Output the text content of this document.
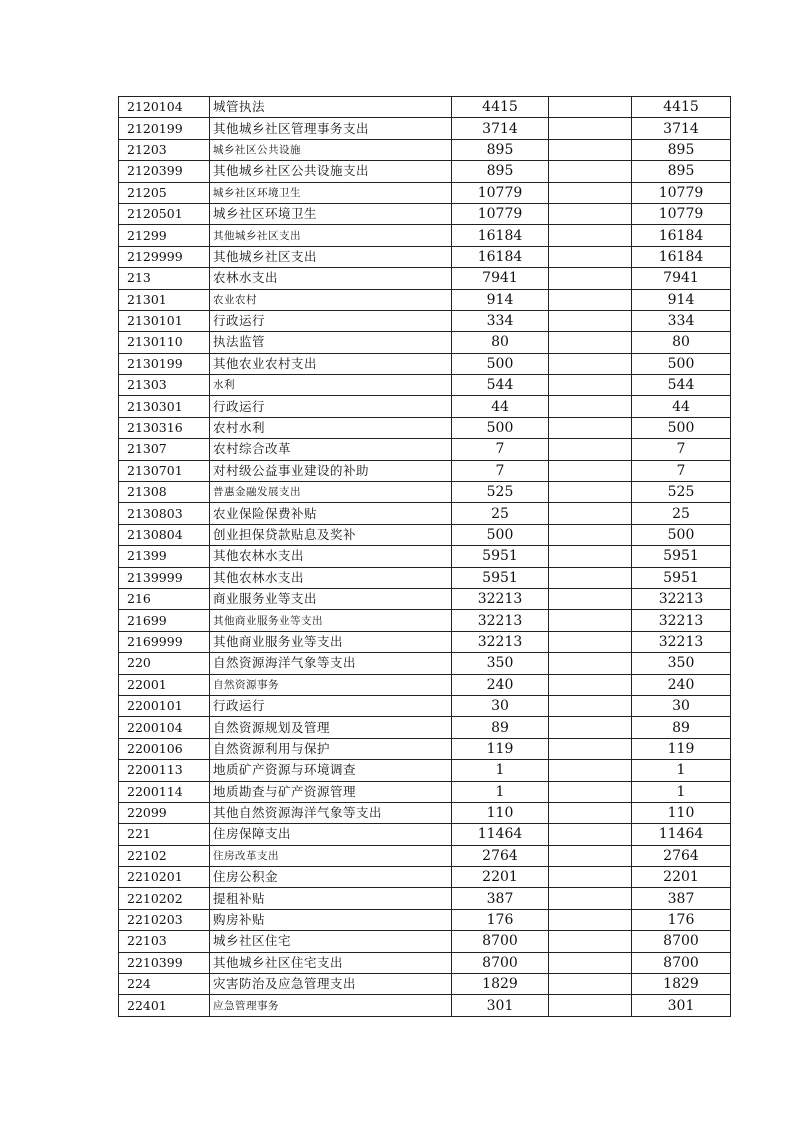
2120104	城管执法	4415		4415
2120199	其他城乡社区管理事务支出	3714		3714
21203	城乡社区公共设施	895		895
2120399	其他城乡社区公共设施支出	895		895
21205	城乡社区环境卫生	10779		10779
2120501	城乡社区环境卫生	10779		10779
21299	其他城乡社区支出	16184		16184
2129999	其他城乡社区支出	16184		16184
213	农林水支出	7941		7941
21301	农业农村	914		914
2130101	行政运行	334		334
2130110	执法监管	80		80
2130199	其他农业农村支出	500		500
21303	水利	544		544
2130301	行政运行	44		44
2130316	农村水利	500		500
21307	农村综合改革	7		7
2130701	对村级公益事业建设的补助	7		7
21308	普惠金融发展支出	525		525
2130803	农业保险保费补贴	25		25
2130804	创业担保贷款贴息及奖补	500		500
21399	其他农林水支出	5951		5951
2139999	其他农林水支出	5951		5951
216	商业服务业等支出	32213		32213
21699	其他商业服务业等支出	32213		32213
2169999	其他商业服务业等支出	32213		32213
220	自然资源海洋气象等支出	350		350
22001	自然资源事务	240		240
2200101	行政运行	30		30
2200104	自然资源规划及管理	89		89
2200106	自然资源利用与保护	119		119
2200113	地质矿产资源与环境调查	1		1
2200114	地质勘查与矿产资源管理	1		1
22099	其他自然资源海洋气象等支出	110		110
221	住房保障支出	11464		11464
22102	住房改革支出	2764		2764
2210201	住房公积金	2201		2201
2210202	提租补贴	387		387
2210203	购房补贴	176		176
22103	城乡社区住宅	8700		8700
2210399	其他城乡社区住宅支出	8700		8700
224	灾害防治及应急管理支出	1829		1829
22401	应急管理事务	301		301
